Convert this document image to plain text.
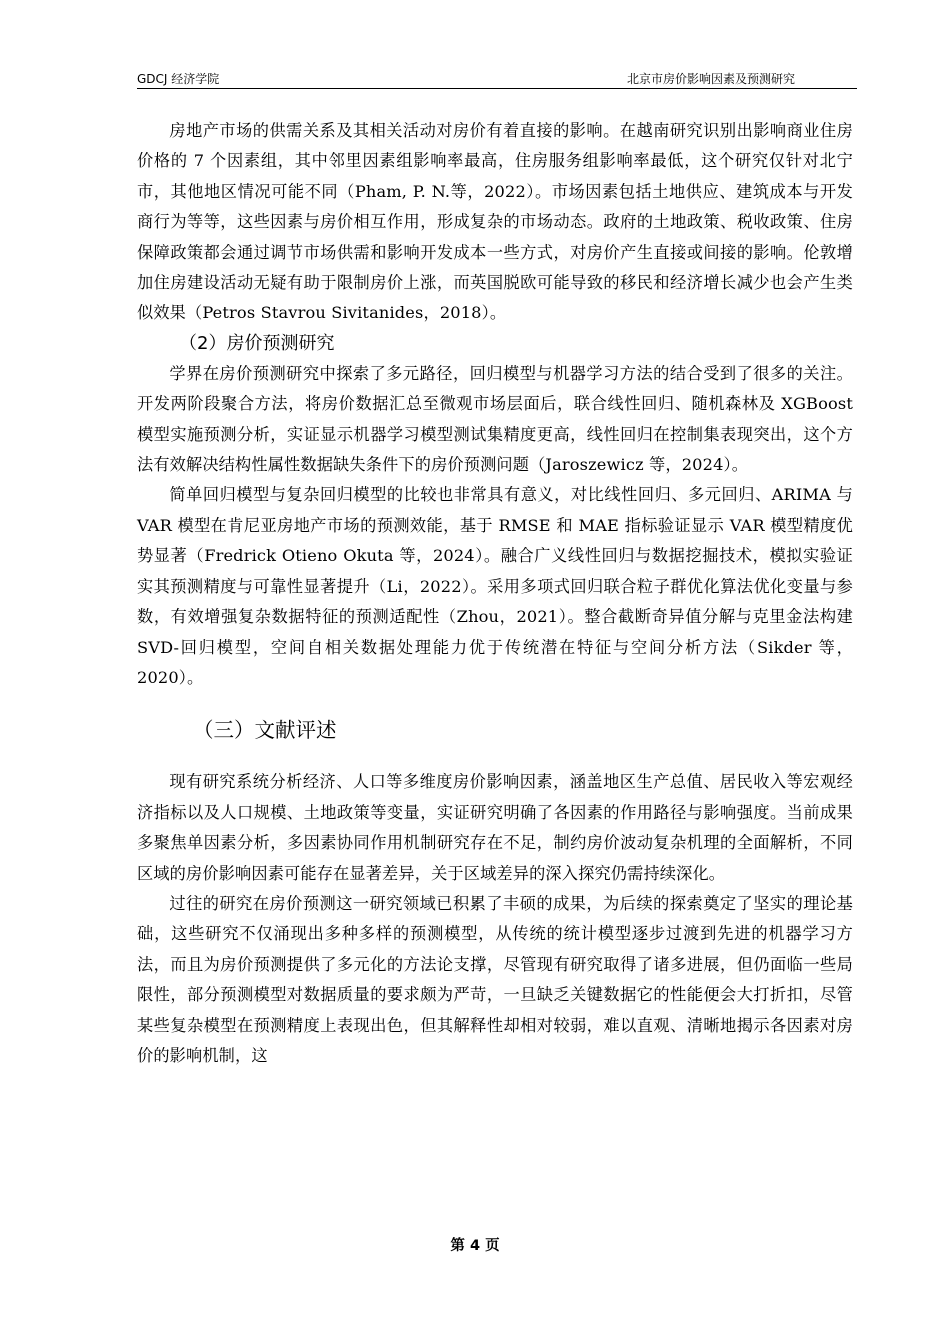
GDCJ 经济学院	北京市房价影响因素及预测研究

房地产市场的供需关系及其相关活动对房价有着直接的影响。在越南研究识别出影响商业住房价格的 7 个因素组，其中邻里因素组影响率最高，住房服务组影响率最低，这个研究仅针对北宁市，其他地区情况可能不同（Pham, P. N.等，2022）。市场因素包括土地供应、建筑成本与开发商行为等等，这些因素与房价相互作用，形成复杂的市场动态。政府的土地政策、税收政策、住房保障政策都会通过调节市场供需和影响开发成本一些方式，对房价产生直接或间接的影响。伦敦增加住房建设活动无疑有助于限制房价上涨，而英国脱欧可能导致的移民和经济增长减少也会产生类似效果（Petros Stavrou Sivitanides，2018）。

（2）房价预测研究

学界在房价预测研究中探索了多元路径，回归模型与机器学习方法的结合受到了很多的关注。开发两阶段聚合方法，将房价数据汇总至微观市场层面后，联合线性回归、随机森林及 XGBoost 模型实施预测分析，实证显示机器学习模型测试集精度更高，线性回归在控制集表现突出，这个方法有效解决结构性属性数据缺失条件下的房价预测问题（Jaroszewicz 等，2024）。

简单回归模型与复杂回归模型的比较也非常具有意义，对比线性回归、多元回归、ARIMA 与 VAR 模型在肯尼亚房地产市场的预测效能，基于 RMSE 和 MAE 指标验证显示 VAR 模型精度优势显著（Fredrick Otieno Okuta 等，2024）。融合广义线性回归与数据挖掘技术，模拟实验证实其预测精度与可靠性显著提升（Li，2022）。采用多项式回归联合粒子群优化算法优化变量与参数，有效增强复杂数据特征的预测适配性（Zhou，2021）。整合截断奇异值分解与克里金法构建 SVD-回归模型，空间自相关数据处理能力优于传统潜在特征与空间分析方法（Sikder 等，2020）。

（三）文献评述

现有研究系统分析经济、人口等多维度房价影响因素，涵盖地区生产总值、居民收入等宏观经济指标以及人口规模、土地政策等变量，实证研究明确了各因素的作用路径与影响强度。当前成果多聚焦单因素分析，多因素协同作用机制研究存在不足，制约房价波动复杂机理的全面解析，不同区域的房价影响因素可能存在显著差异，关于区域差异的深入探究仍需持续深化。

过往的研究在房价预测这一研究领域已积累了丰硕的成果，为后续的探索奠定了坚实的理论基础，这些研究不仅涌现出多种多样的预测模型，从传统的统计模型逐步过渡到先进的机器学习方法，而且为房价预测提供了多元化的方法论支撑，尽管现有研究取得了诸多进展，但仍面临一些局限性，部分预测模型对数据质量的要求颇为严苛，一旦缺乏关键数据它的性能便会大打折扣，尽管某些复杂模型在预测精度上表现出色，但其解释性却相对较弱，难以直观、清晰地揭示各因素对房价的影响机制，这

第 4 页
